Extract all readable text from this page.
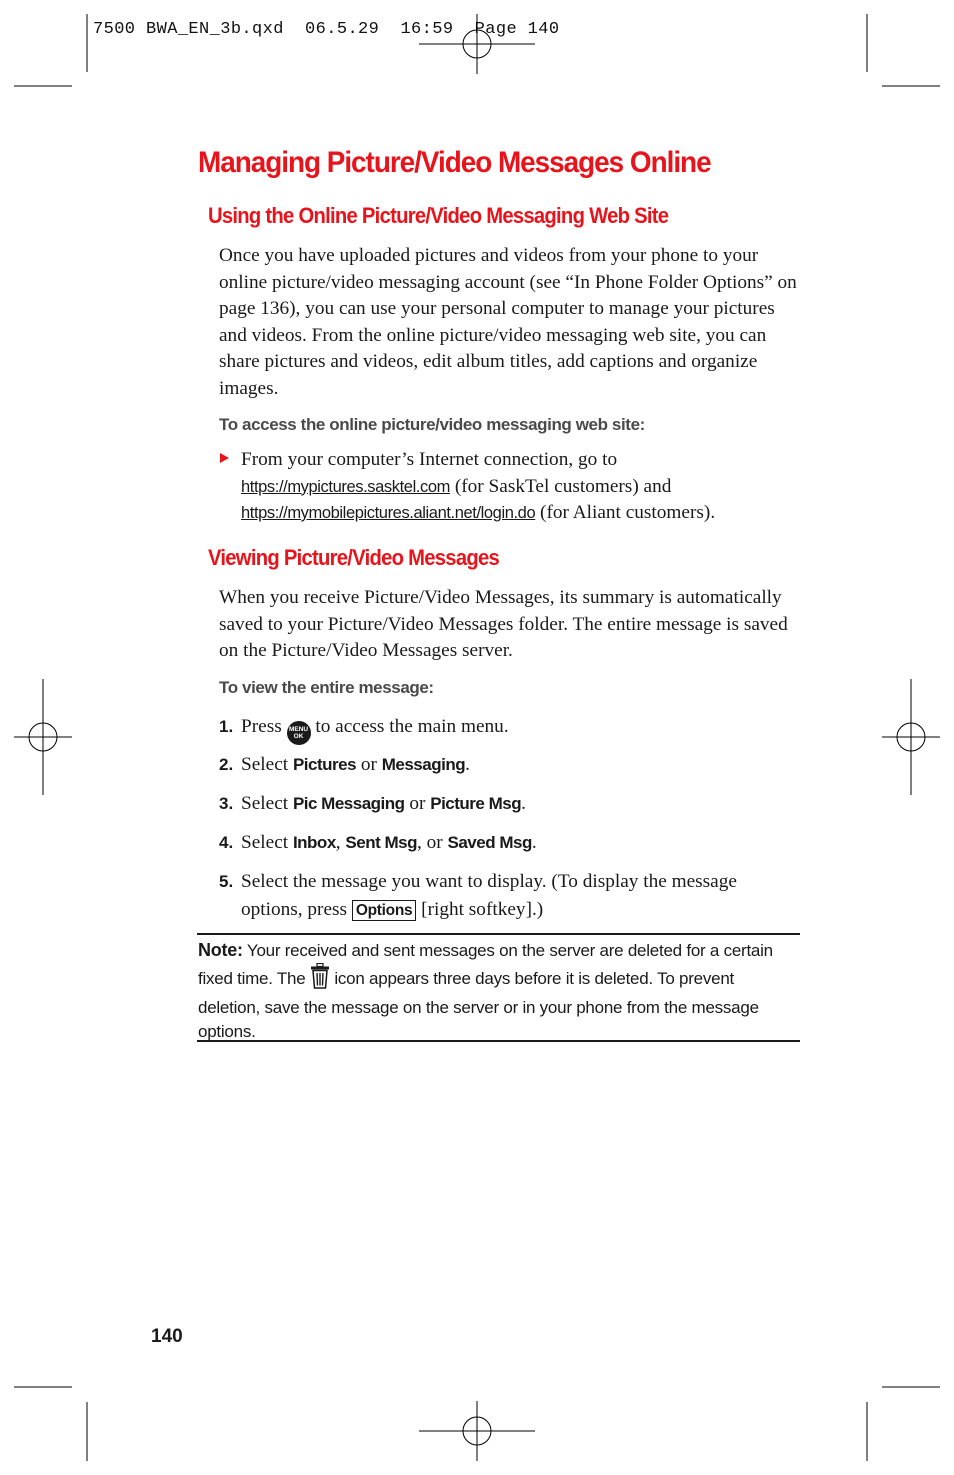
7500 BWA_EN_3b.qxd  06.5.29  16:59  Page 140
Managing Picture/Video Messages Online
Using the Online Picture/Video Messaging Web Site

Once you have uploaded pictures and videos from your phone to your online picture/video messaging account (see “In Phone Folder Options” on page 136), you can use your personal computer to manage your pictures and videos. From the online picture/video messaging web site, you can share pictures and videos, edit album titles, add captions and organize images.

To access the online picture/video messaging web site:

From your computer’s Internet connection, go to
https://mypictures.sasktel.com (for SaskTel customers) and
https://mymobilepictures.aliant.net/login.do (for Aliant customers).

Viewing Picture/Video Messages

When you receive Picture/Video Messages, its summary is automatically saved to your Picture/Video Messages folder. The entire message is saved on the Picture/Video Messages server.

To view the entire message:

1. Press MENU
OK to access the main menu.
2. Select Pictures or Messaging.
3. Select Pic Messaging or Picture Msg.
4. Select Inbox, Sent Msg, or Saved Msg.
5. Select the message you want to display. (To display the message options, press Options [right softkey].)

Note: Your received and sent messages on the server are deleted for a certain fixed time. The  icon appears three days before it is deleted. To prevent deletion, save the message on the server or in your phone from the message options.

140
